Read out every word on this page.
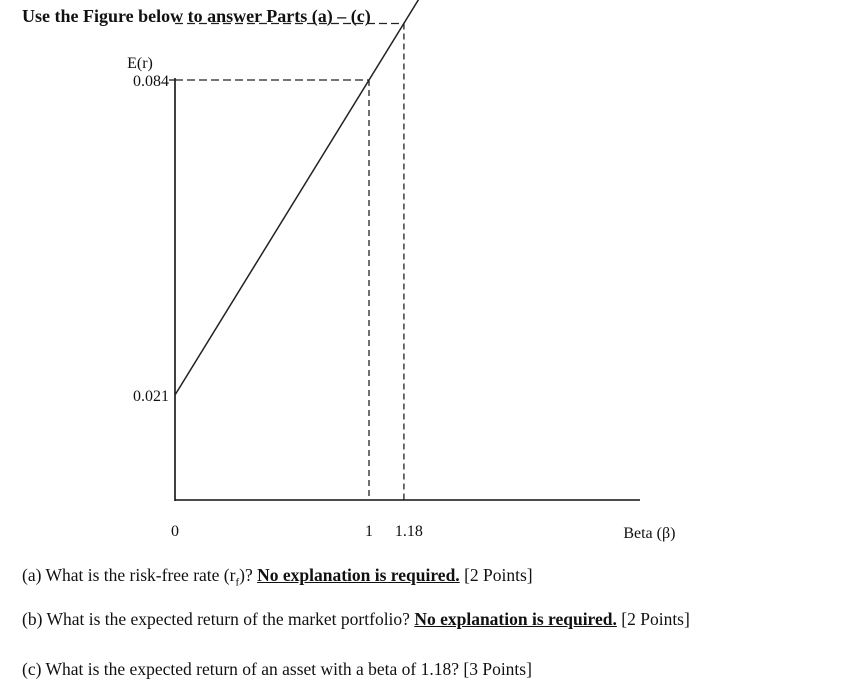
Use the Figure below to answer Parts (a) – (c)
E(r)
Beta (β)
0	1 1.18
0.084
0.021
(a) What is the risk-free rate $(r_f)$? No explanation is required. [2 Points]
(b) What is the expected return of the market portfolio? No explanation is required. [2 Points]
(c) What is the expected return of an asset with a beta of 1.18? [3 Points]
